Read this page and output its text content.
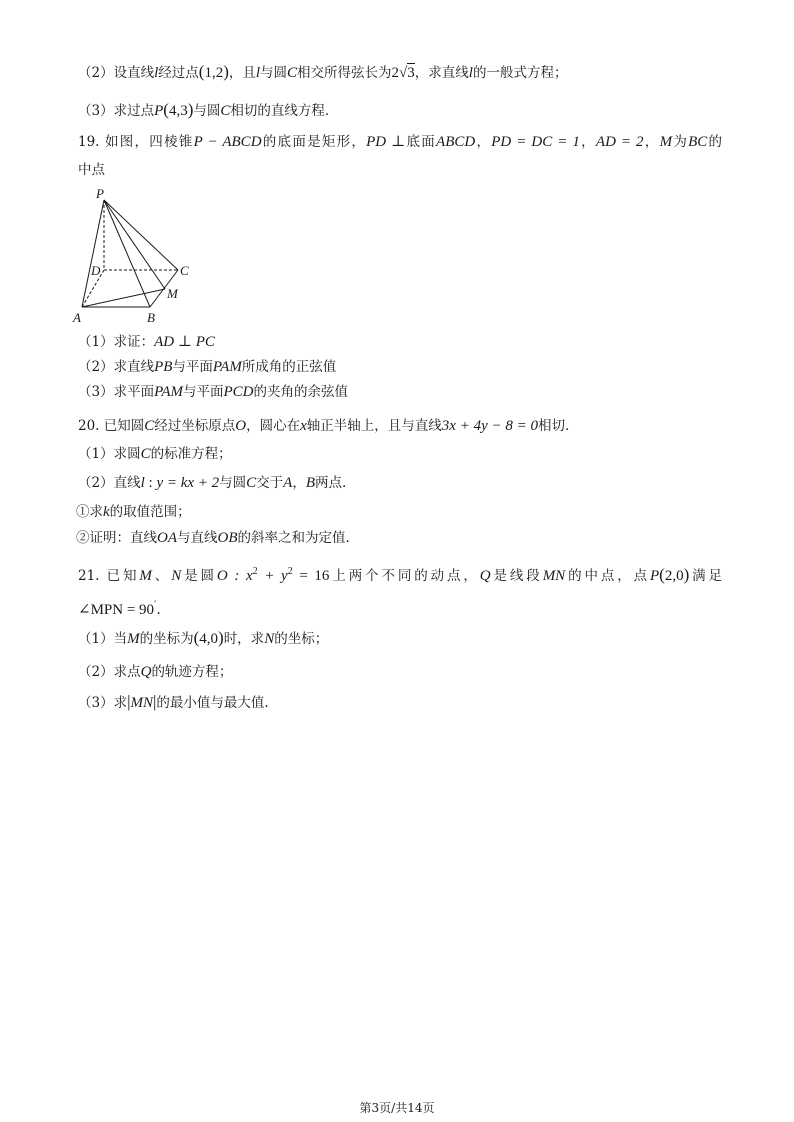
（2）设直线l经过点(1,2)，且l与圆C相交所得弦长为2√3，求直线l的一般式方程；
（3）求过点P(4,3)与圆C相切的直线方程.
19. 如图，四棱锥P − ABCD的底面是矩形，PD ⊥底面ABCD，PD = DC = 1，AD = 2，M为BC的
中点
P
D	C
M
A	B
（1）求证：AD ⊥ PC
（2）求直线PB与平面PAM所成角的正弦值
（3）求平面PAM与平面PCD的夹角的余弦值
20. 已知圆C经过坐标原点O，圆心在x轴正半轴上，且与直线3x + 4y − 8 = 0相切.
（1）求圆C的标准方程；
（2）直线l : y = kx + 2与圆C交于A，B两点.
①求k的取值范围；
②证明：直线OA与直线OB的斜率之和为定值.
21. 已知M、N是圆O : $x^2 + y^2 = 16$上两个不同的动点，Q是线段MN的中点，点P(2,0)满足
∠MPN = 90′.
（1）当M的坐标为(4,0)时，求N的坐标；
（2）求点Q的轨迹方程；
（3）求|MN|的最小值与最大值.
第3页/共14页
